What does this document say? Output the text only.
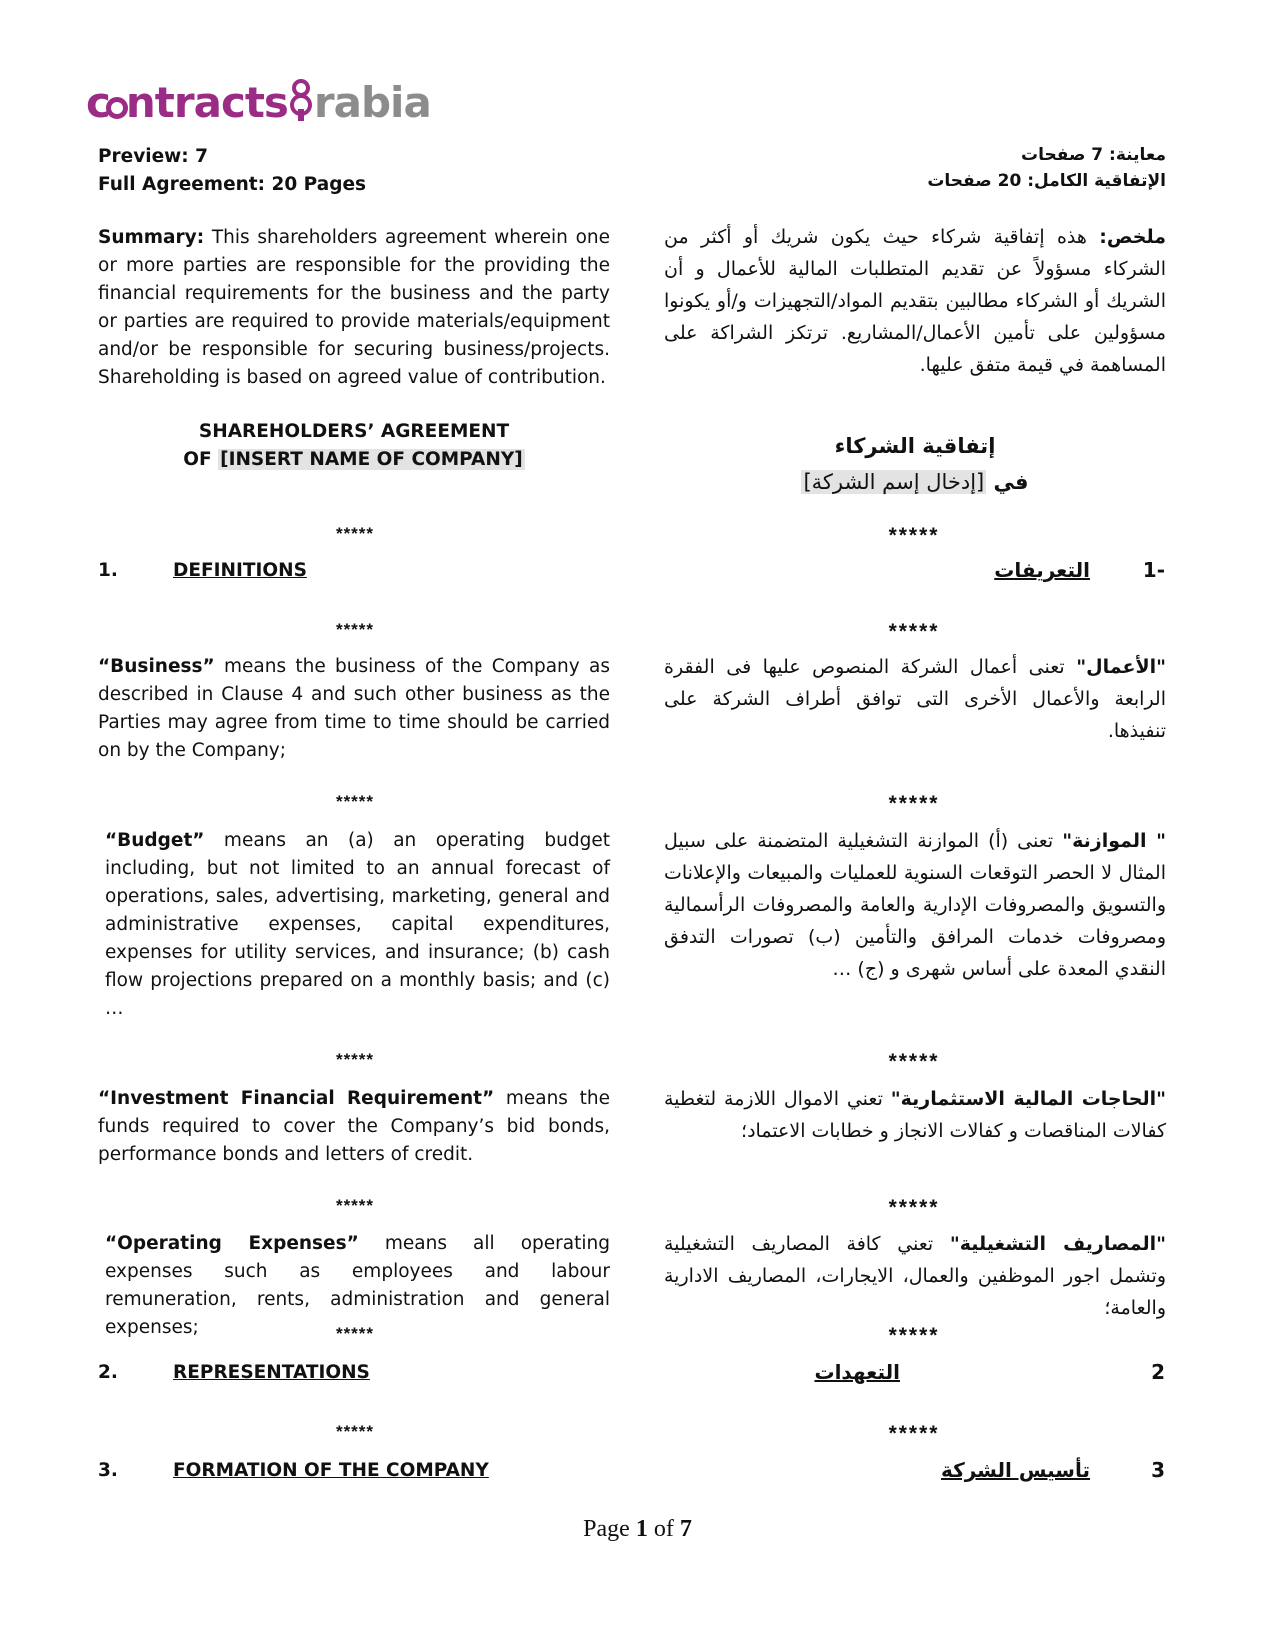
c ntracts rabia
Preview: 7
Full Agreement: 20 Pages
معاينة: 7 صفحات
الإتفاقية الكامل: 20 صفحات
Summary: This shareholders agreement wherein one or more parties are responsible for the providing the financial requirements for the business and the party or parties are required to provide materials/equipment and/or be responsible for securing business/projects. Shareholding is based on agreed value of contribution.
ملخص: هذه إتفاقية شركاء حيث يكون شريك أو أكثر من الشركاء مسؤولاً عن تقديم المتطلبات المالية للأعمال و أن الشريك أو الشركاء مطالبين بتقديم المواد/التجهيزات و/أو يكونوا مسؤولين على تأمين الأعمال/المشاريع. ترتكز الشراكة على المساهمة في قيمة متفق عليها.
SHAREHOLDERS’ AGREEMENT
OF [INSERT NAME OF COMPANY]
إتفاقية الشركاء
في [إدخال إسم الشركة]
*****	*****
1.	DEFINITIONS	-1
التعريفات
*****	*****
“Business” means the business of the Company as described in Clause 4 and such other business as the Parties may agree from time to time should be carried on by the Company;
"الأعمال" تعنى أعمال الشركة المنصوص عليها فى الفقرة الرابعة والأعمال الأخرى التى توافق أطراف الشركة على تنفيذها.
*****	*****
“Budget” means an (a) an operating budget including, but not limited to an annual forecast of operations, sales, advertising, marketing, general and administrative expenses, capital expenditures, expenses for utility services, and insurance; (b) cash flow projections prepared on a monthly basis; and (c) …
" الموازنة" تعنى (أ) الموازنة التشغيلية المتضمنة على سبيل المثال لا الحصر التوقعات السنوية للعمليات والمبيعات والإعلانات والتسويق والمصروفات الإدارية والعامة والمصروفات الرأسمالية ومصروفات خدمات المرافق والتأمين (ب) تصورات التدفق النقدي المعدة على أساس شهرى و (ج) …
*****	*****
“Investment Financial Requirement” means the funds required to cover the Company’s bid bonds, performance bonds and letters of credit.
"الحاجات المالية الاستثمارية" تعني الاموال اللازمة لتغطية كفالات المناقصات و كفالات الانجاز و خطابات الاعتماد؛
*****	*****
“Operating Expenses” means all operating expenses such as employees and labour remuneration, rents, administration and general expenses;
"المصاريف التشغيلية" تعني كافة المصاريف التشغيلية وتشمل اجور الموظفين والعمال، الايجارات، المصاريف الادارية والعامة؛
*****	*****
2.	REPRESENTATIONS	2
التعهدات
*****	*****
3.	FORMATION OF THE COMPANY	3
تأسيس الشركة
Page 1 of 7
